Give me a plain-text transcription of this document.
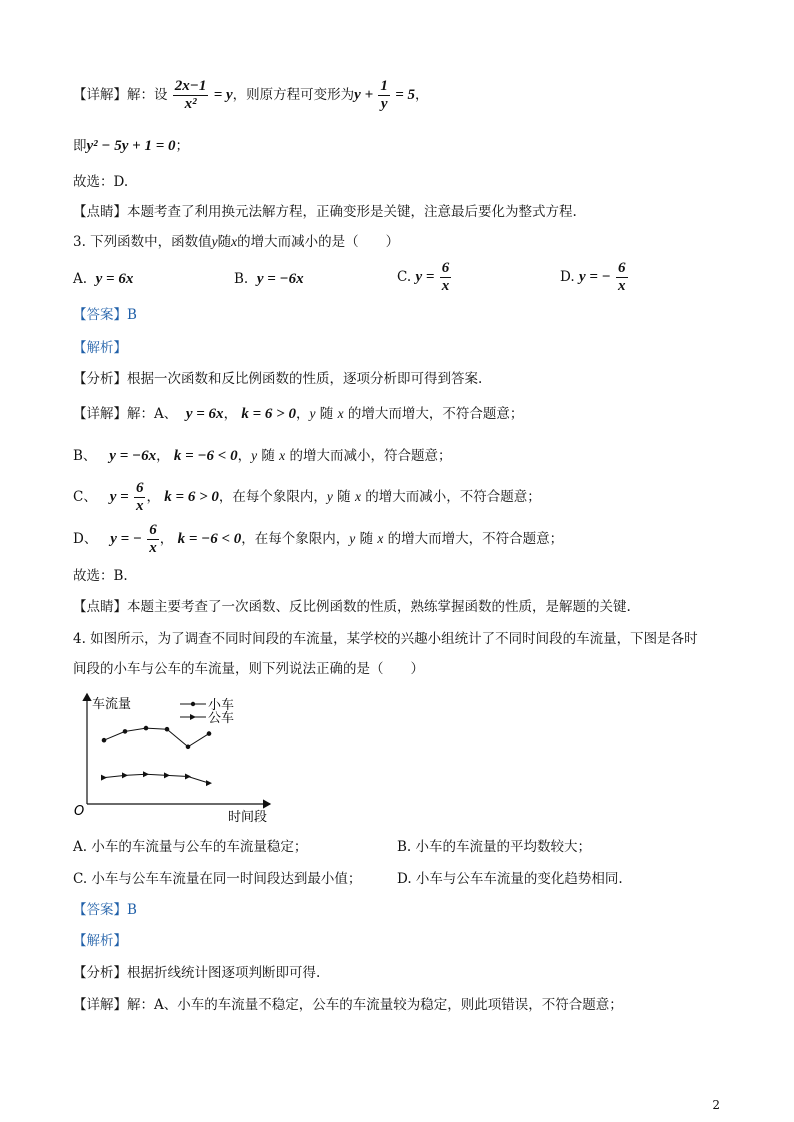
【详解】解：设 $\frac{2x-1}{\text{x²}} = y$，则原方程可变形为$y + \frac{1}{y} = 5$，
即y² − 5y + 1 = 0；
故选：D.
【点睛】本题考查了利用换元法解方程，正确变形是关键，注意最后要化为整式方程.
3. 下列函数中，函数值y随x的增大而减小的是（　　）
A. y = 6x	B. y = −6x	C. $y = \frac{6}{x}$	D. y = − $\frac{6}{x}$
【答案】B
【解析】
【分析】根据一次函数和反比例函数的性质，逐项分析即可得到答案.
【详解】解：A、 y = 6x， k = 6 > 0，y 随 x 的增大而增大，不符合题意；
B、 y = −6x， k = −6 < 0，y 随 x 的增大而减小，符合题意；
C、 $y = \frac{6}{x}$ ， k = 6 > 0，在每个象限内，y 随 x 的增大而减小，不符合题意；
D、 y = − $\frac{6}{x}$ ， k = −6 < 0，在每个象限内，y 随 x 的增大而增大，不符合题意；
故选：B.
【点睛】本题主要考查了一次函数、反比例函数的性质，熟练掌握函数的性质，是解题的关键.
4. 如图所示，为了调查不同时间段的车流量，某学校的兴趣小组统计了不同时间段的车流量，下图是各时
间段的小车与公车的车流量，则下列说法正确的是（　　）
车流量
时间段
O
小车
公车
A. 小车的车流量与公车的车流量稳定；	B. 小车的车流量的平均数较大；
C. 小车与公车车流量在同一时间段达到最小值；	D. 小车与公车车流量的变化趋势相同.
【答案】B
【解析】
【分析】根据折线统计图逐项判断即可得.
【详解】解：A、小车的车流量不稳定，公车的车流量较为稳定，则此项错误，不符合题意；
2
